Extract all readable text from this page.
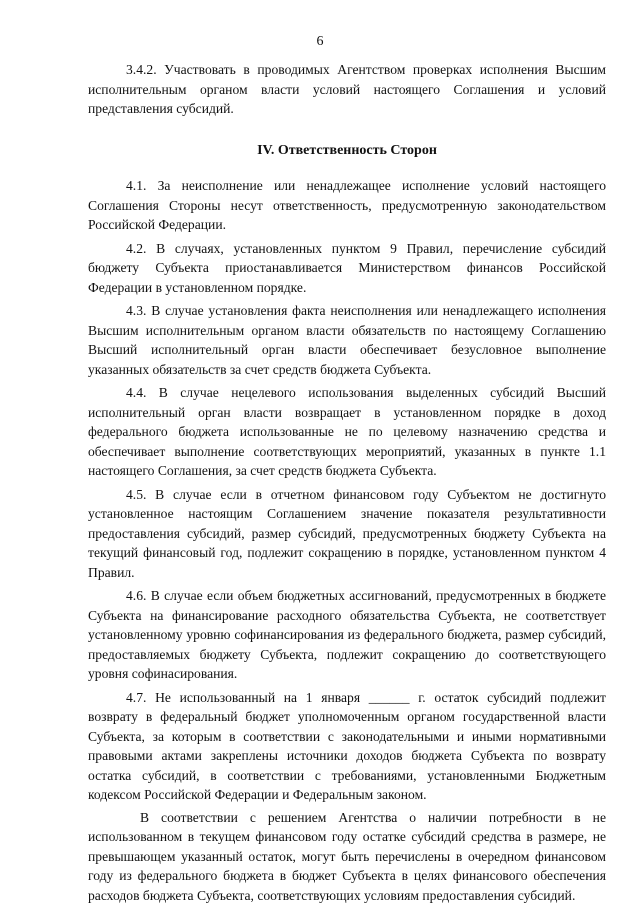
6

3.4.2. Участвовать в проводимых Агентством проверках исполнения Высшим исполнительным органом власти условий настоящего Соглашения и условий представления субсидий.

IV. Ответственность Сторон

4.1. За неисполнение или ненадлежащее исполнение условий настоящего Соглашения Стороны несут ответственность, предусмотренную законодательством Российской Федерации.

4.2. В случаях, установленных пунктом 9 Правил, перечисление субсидий бюджету Субъекта приостанавливается Министерством финансов Российской Федерации в установленном порядке.

4.3. В случае установления факта неисполнения или ненадлежащего исполнения Высшим исполнительным органом власти обязательств по настоящему Соглашению Высший исполнительный орган власти обеспечивает безусловное выполнение указанных обязательств за счет средств бюджета Субъекта.

4.4. В случае нецелевого использования выделенных субсидий Высший исполнительный орган власти возвращает в установленном порядке в доход федерального бюджета использованные не по целевому назначению средства и обеспечивает выполнение соответствующих мероприятий, указанных в пункте 1.1 настоящего Соглашения, за счет средств бюджета Субъекта.

4.5. В случае если в отчетном финансовом году Субъектом не достигнуто установленное настоящим Соглашением значение показателя результативности предоставления субсидий, размер субсидий, предусмотренных бюджету Субъекта на текущий финансовый год, подлежит сокращению в порядке, установленном пунктом 4 Правил.

4.6. В случае если объем бюджетных ассигнований, предусмотренных в бюджете Субъекта на финансирование расходного обязательства Субъекта, не соответствует установленному уровню софинансирования из федерального бюджета, размер субсидий, предоставляемых бюджету Субъекта, подлежит сокращению до соответствующего уровня софинасирования.

4.7. Не использованный на 1 января ______ г. остаток субсидий подлежит возврату в федеральный бюджет уполномоченным органом государственной власти Субъекта, за которым в соответствии с законодательными и иными нормативными правовыми актами закреплены источники доходов бюджета Субъекта по возврату остатка субсидий, в соответствии с требованиями, установленными Бюджетным кодексом Российской Федерации и Федеральным законом.

В соответствии с решением Агентства о наличии потребности в не использованном в текущем финансовом году остатке субсидий средства в размере, не превышающем указанный остаток, могут быть перечислены в очередном финансовом году из федерального бюджета в бюджет Субъекта в целях финансового обеспечения расходов бюджета Субъекта, соответствующих условиям предоставления субсидий.
